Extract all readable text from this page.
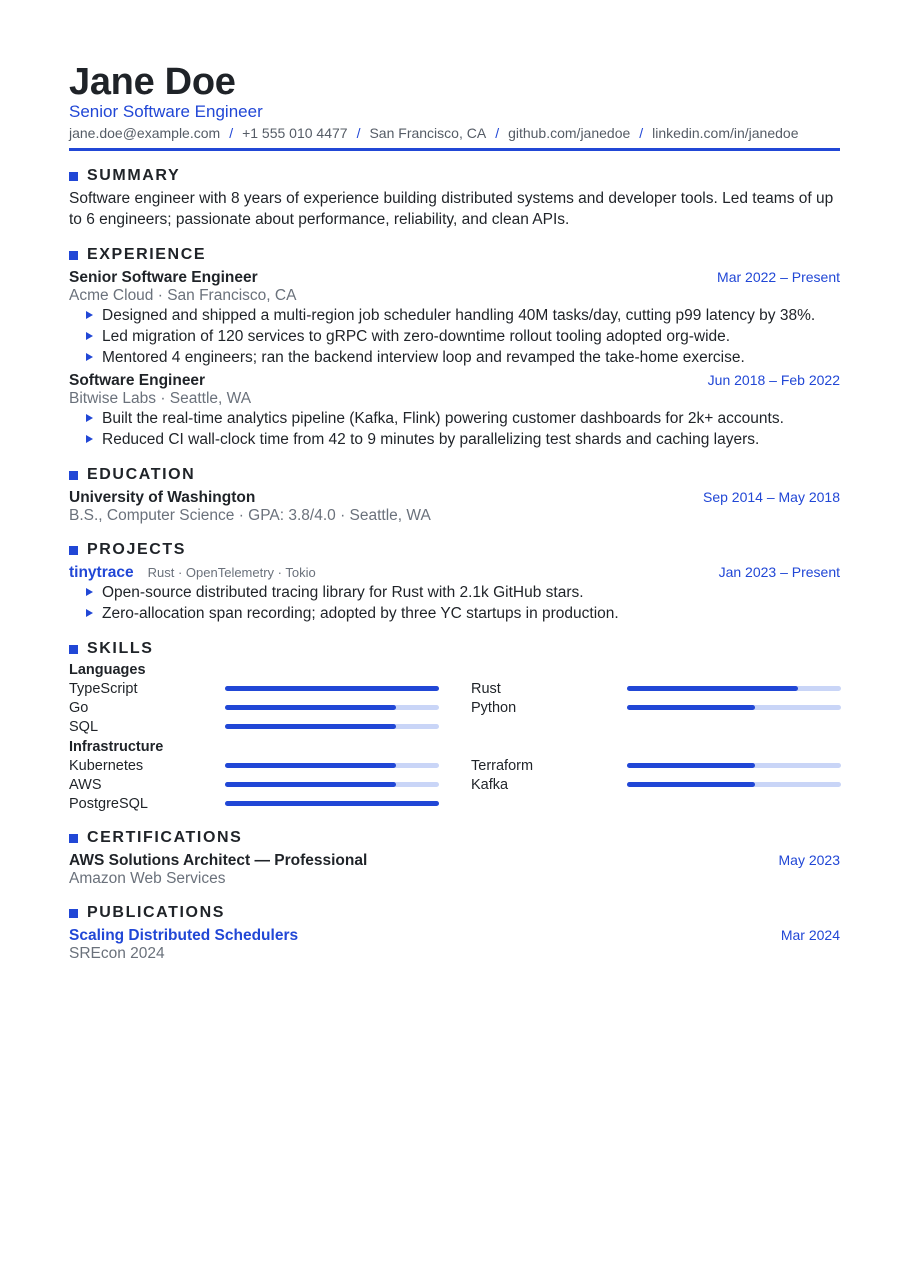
Jane Doe
Senior Software Engineer
jane.doe@example.com / +1 555 010 4477 / San Francisco, CA / github.com/janedoe / linkedin.com/in/janedoe
SUMMARY
Software engineer with 8 years of experience building distributed systems and developer tools. Led teams of up to 6 engineers; passionate about performance, reliability, and clean APIs.
EXPERIENCE
Senior Software Engineer	Mar 2022 – Present
Acme Cloud · San Francisco, CA
Designed and shipped a multi-region job scheduler handling 40M tasks/day, cutting p99 latency by 38%.
Led migration of 120 services to gRPC with zero-downtime rollout tooling adopted org-wide.
Mentored 4 engineers; ran the backend interview loop and revamped the take-home exercise.
Software Engineer	Jun 2018 – Feb 2022
Bitwise Labs · Seattle, WA
Built the real-time analytics pipeline (Kafka, Flink) powering customer dashboards for 2k+ accounts.
Reduced CI wall-clock time from 42 to 9 minutes by parallelizing test shards and caching layers.
EDUCATION
University of Washington	Sep 2014 – May 2018
B.S., Computer Science · GPA: 3.8/4.0 · Seattle, WA
PROJECTS
tinytrace Rust · OpenTelemetry · Tokio	Jan 2023 – Present
Open-source distributed tracing library for Rust with 2.1k GitHub stars.
Zero-allocation span recording; adopted by three YC startups in production.
SKILLS
Languages
TypeScript	Rust
Go	Python
SQL
Infrastructure
Kubernetes	Terraform
AWS	Kafka
PostgreSQL
CERTIFICATIONS
AWS Solutions Architect — Professional	May 2023
Amazon Web Services
PUBLICATIONS
Scaling Distributed Schedulers	Mar 2024
SREcon 2024
